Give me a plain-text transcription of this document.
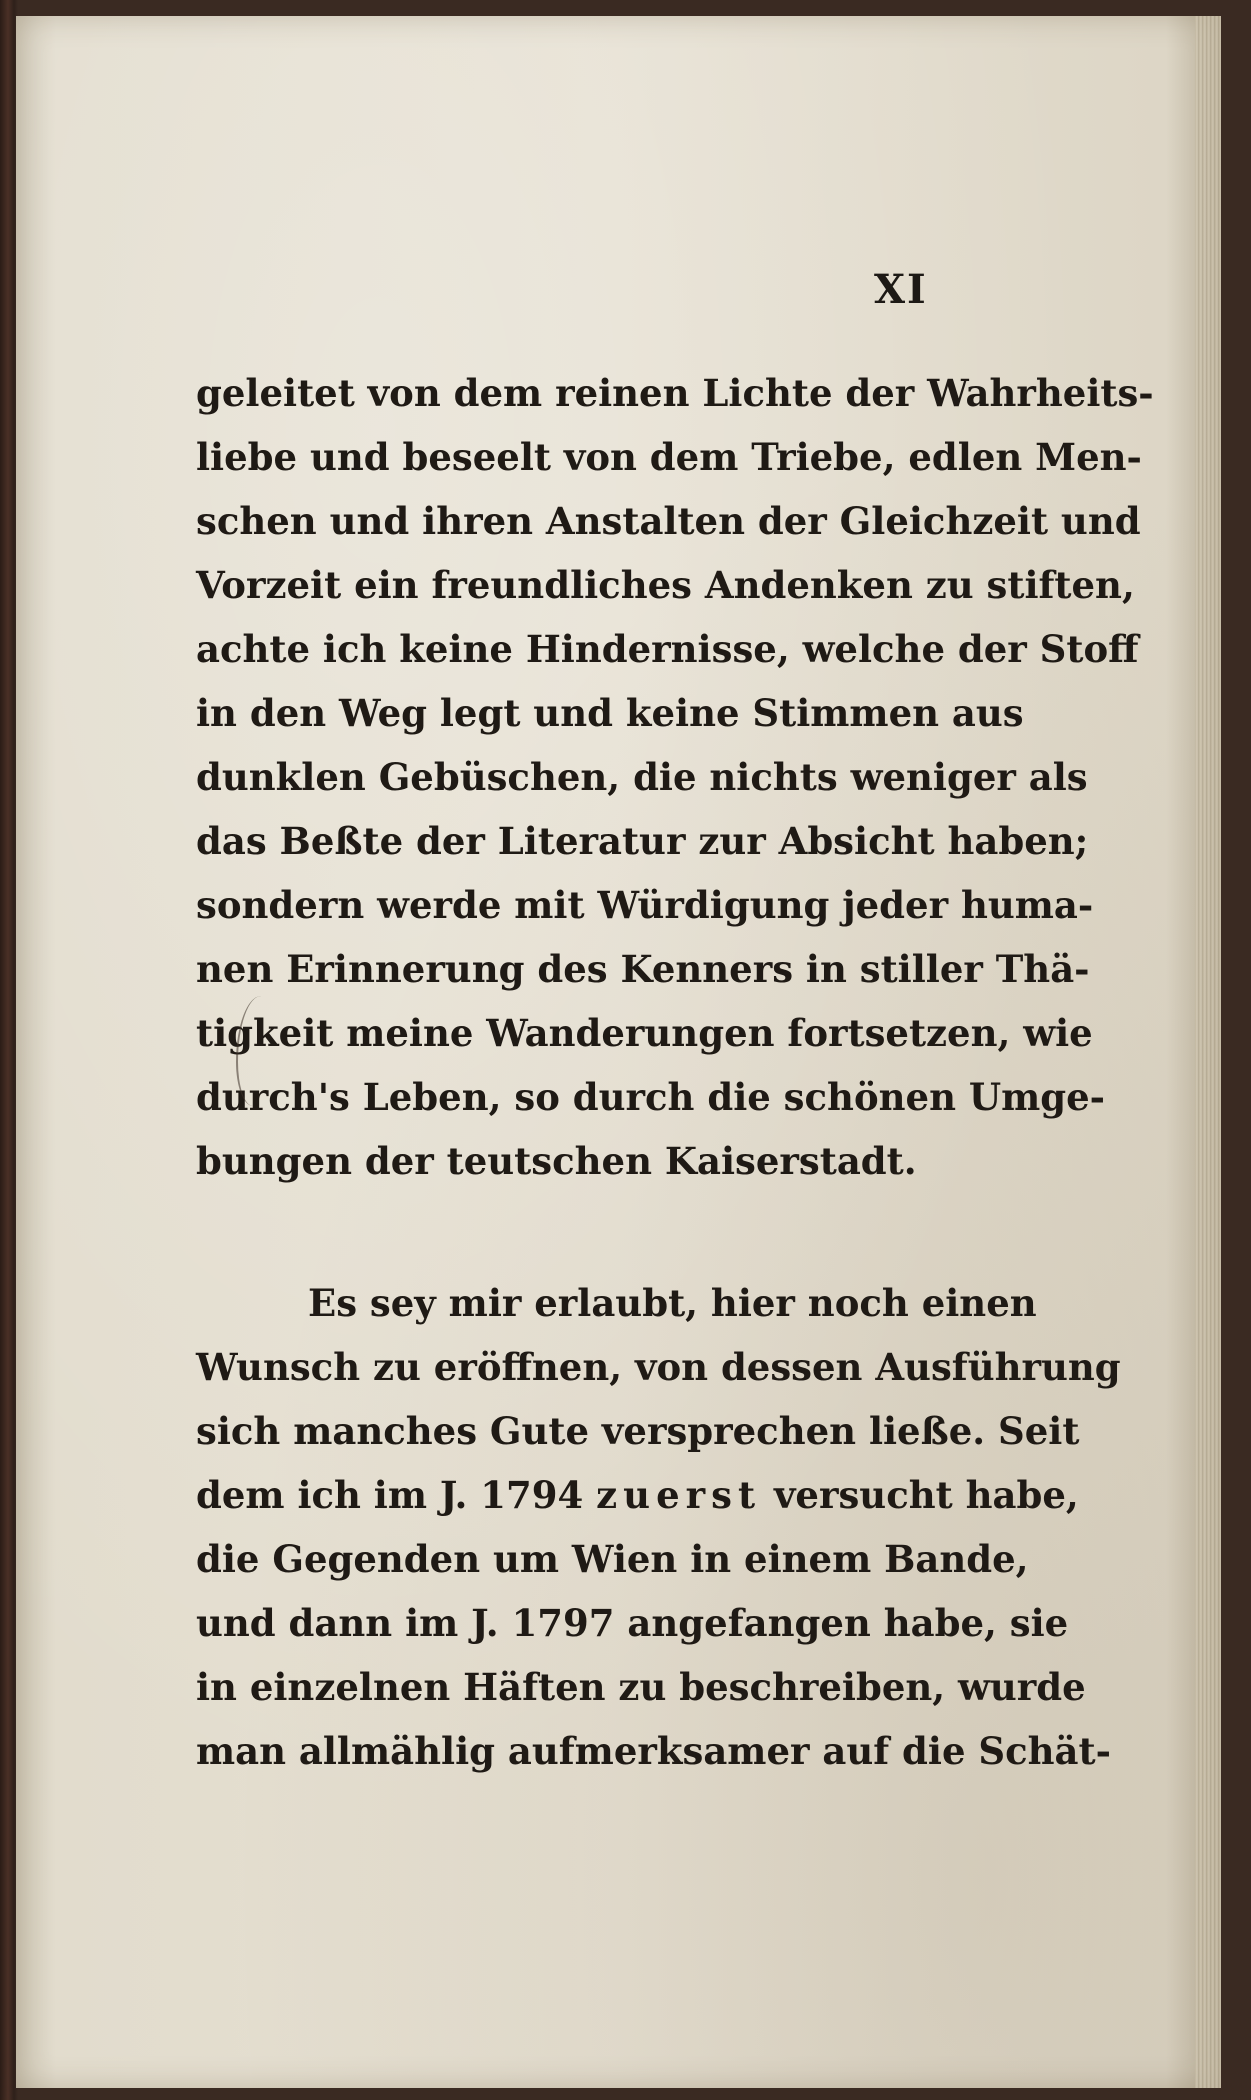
XI
geleitet von dem reinen Lichte der Wahrheits-
liebe und beseelt von dem Triebe, edlen Men-
schen und ihren Anstalten der Gleichzeit und
Vorzeit ein freundliches Andenken zu stiften,
achte ich keine Hindernisse, welche der Stoff
in den Weg legt und keine Stimmen aus
dunklen Gebüschen, die nichts weniger als
das Beßte der Literatur zur Absicht haben;
sondern werde mit Würdigung jeder huma-
nen Erinnerung des Kenners in stiller Thä-
tigkeit meine Wanderungen fortsetzen, wie
durch's Leben, so durch die schönen Umge-
bungen der teutschen Kaiserstadt.
Es sey mir erlaubt, hier noch einen
Wunsch zu eröffnen, von dessen Ausführung
sich manches Gute versprechen ließe. Seit
dem ich im J. 1794 zuerst versucht habe,
die Gegenden um Wien in einem Bande,
und dann im J. 1797 angefangen habe, sie
in einzelnen Häften zu beschreiben, wurde
man allmählig aufmerksamer auf die Schät-
